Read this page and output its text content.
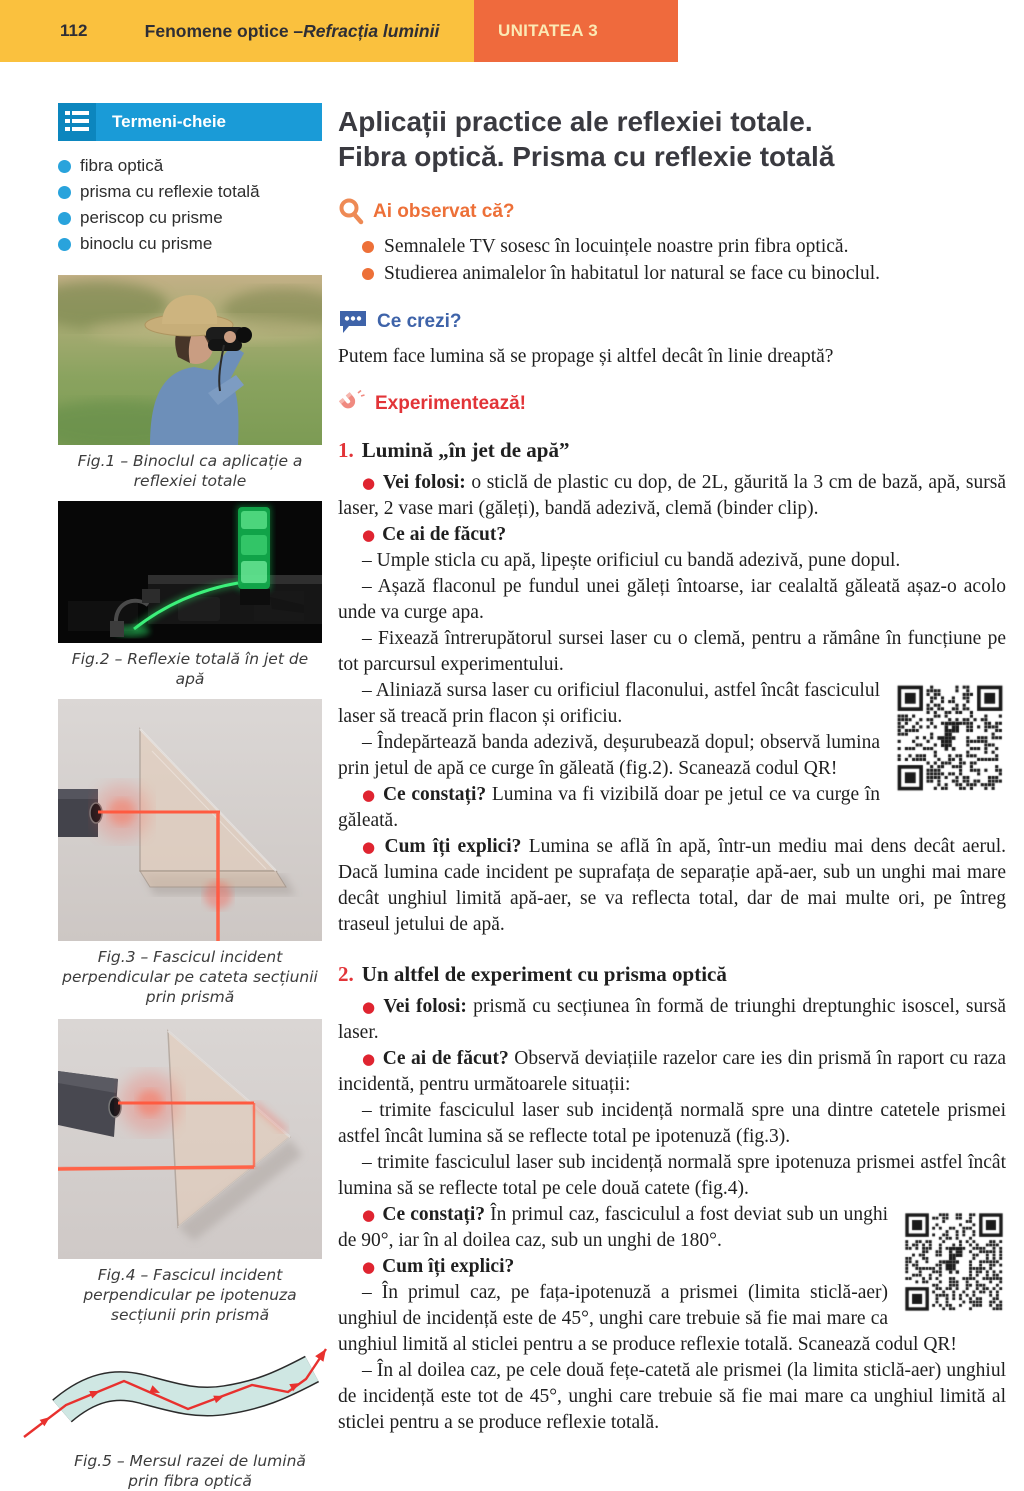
UNITATEA 3
112	Fenomene optice – Refracția luminii
Termeni-cheie
fibra optică
prisma cu reflexie totală
periscop cu prisme
binoclu cu prisme
Fig.1 – Binoclul ca aplicație a reflexiei totale
Fig.2 – Reflexie totală în jet de apă
Fig.3 – Fascicul incident perpendicular pe cateta secțiunii prin prismă
Fig.4 – Fascicul incident perpendicular pe ipotenuza secțiunii prin prismă
Fig.5 – Mersul razei de lumină prin fibra optică
Aplicații practice ale reflexiei totale.
Fibra optică. Prisma cu reflexie totală
Ai observat că?
Semnalele TV sosesc în locuințele noastre prin fibra optică.
Studierea animalelor în habitatul lor natural se face cu binoclul.
Ce crezi?

Putem face lumina să se propage și altfel decât în linie dreaptă?

Experimentează!
1. Lumină „în jet de apă”

● Vei folosi: o sticlă de plastic cu dop, de 2L, găurită la 3 cm de bază, apă, sursă laser, 2 vase mari (găleți), bandă adezivă, clemă (binder clip).

● Ce ai de făcut?

– Umple sticla cu apă, lipește orificiul cu bandă adezivă, pune dopul.

– Așază flaconul pe fundul unei găleți întoarse, iar cealaltă găleată așaz-o acolo unde va curge apa.

– Fixează întrerupătorul sursei laser cu o clemă, pentru a rămâne în funcțiune pe tot parcursul experimentului.

– Aliniază sursa laser cu orificiul flaconului, astfel încât fasciculul laser să treacă prin flacon și orificiu.

– Îndepărtează banda adezivă, deșurubează dopul; observă lumina prin jetul de apă ce curge în găleată (fig.2). Scanează codul QR!

● Ce constați? Lumina va fi vizibilă doar pe jetul ce va curge în găleată.

● Cum îți explici? Lumina se află în apă, într-un mediu mai dens decât aerul. Dacă lumina cade incident pe suprafața de separație apă-aer, sub un unghi mai mare decât unghiul limită apă-aer, se va reflecta total, dar de mai multe ori, pe întreg traseul jetului de apă.

2. Un altfel de experiment cu prisma optică

● Vei folosi: prismă cu secțiunea în formă de triunghi dreptunghic isoscel, sursă laser.

● Ce ai de făcut? Observă deviațiile razelor care ies din prismă în raport cu raza incidentă, pentru următoarele situații:

– trimite fasciculul laser sub incidență normală spre una dintre catetele prismei astfel încât lumina să se reflecte total pe ipotenuză (fig.3).

– trimite fasciculul laser sub incidență normală spre ipotenuza prismei astfel încât lumina să se reflecte total pe cele două catete (fig.4).

● Ce constați? În primul caz, fasciculul a fost deviat sub un unghi de 90°, iar în al doilea caz, sub un unghi de 180°.

● Cum îți explici?

– În primul caz, pe fața-ipotenuză a prismei (limita sticlă-aer) unghiul de incidență este de 45°, unghi care trebuie să fie mai mare ca unghiul limită al sticlei pentru a se produce reflexie totală. Scanează codul QR!

– În al doilea caz, pe cele două fețe-catetă ale prismei (la limita sticlă-aer) unghiul de incidență este tot de 45°, unghi care trebuie să fie mai mare ca unghiul limită al sticlei pentru a se produce reflexie totală.
